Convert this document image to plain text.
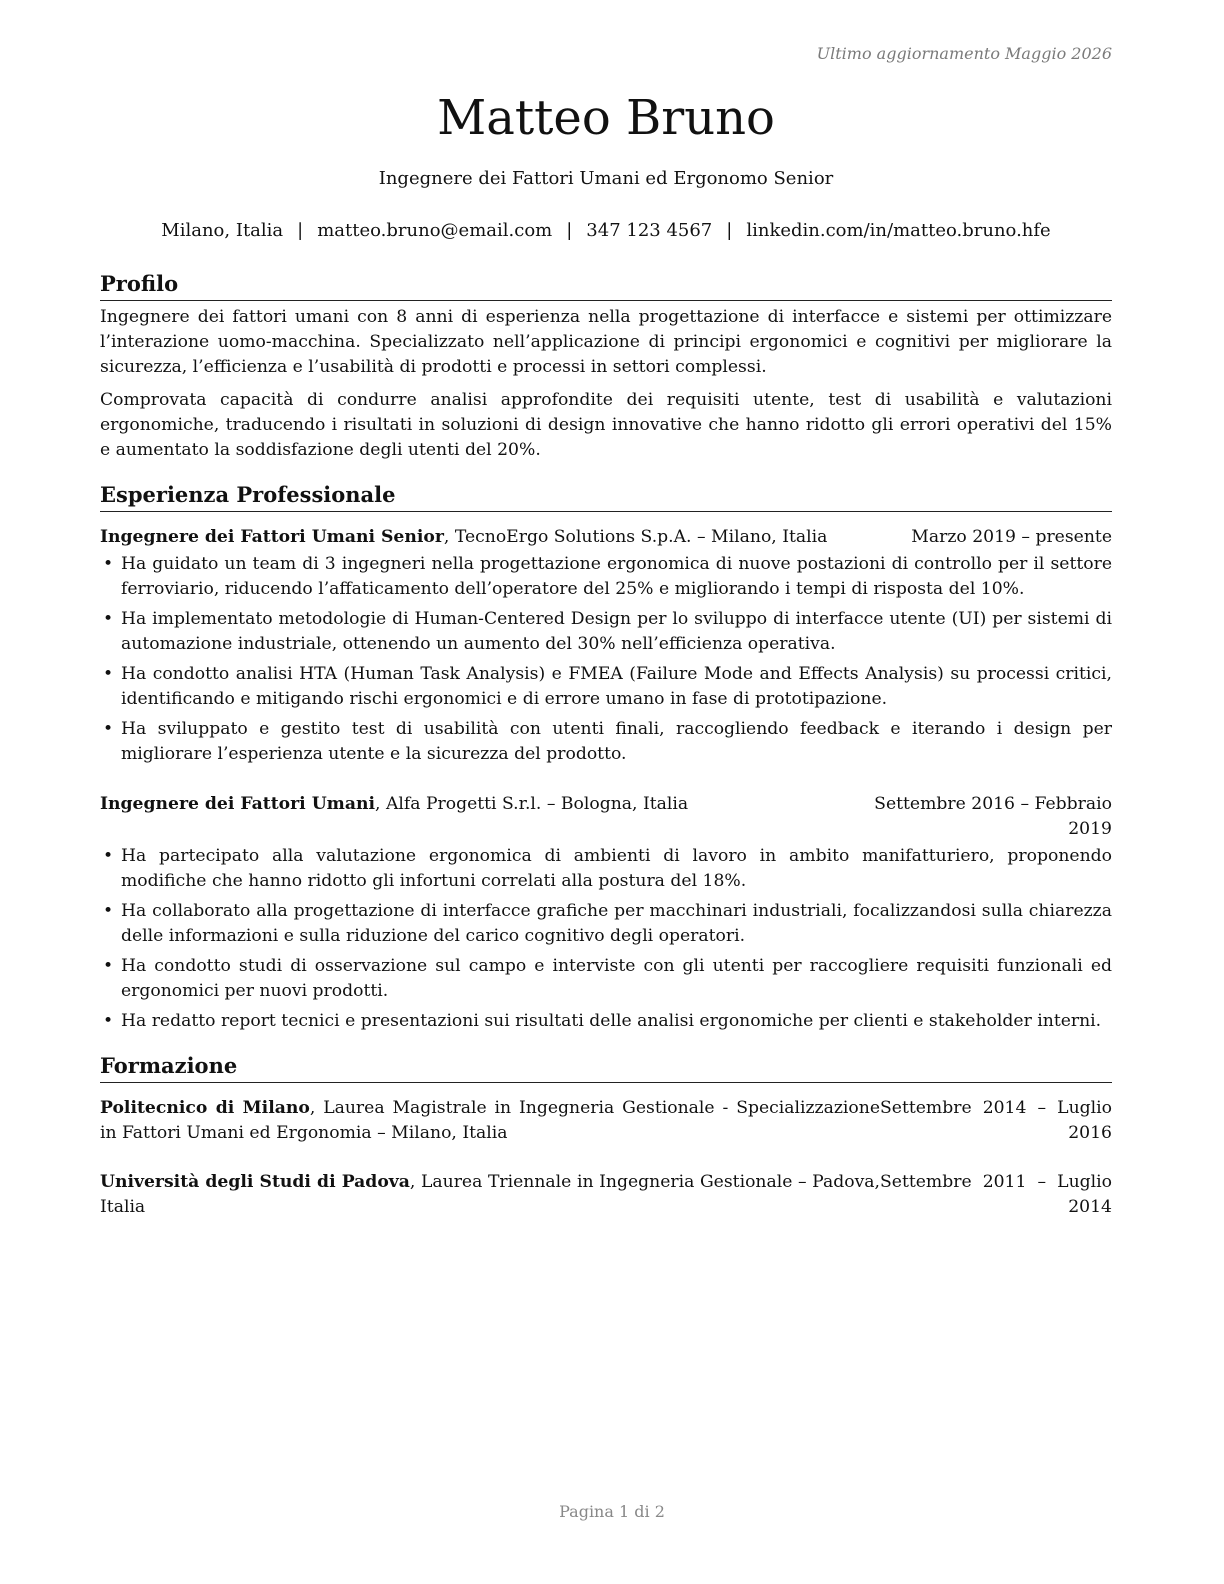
Ultimo aggiornamento Maggio 2026
Matteo Bruno
Ingegnere dei Fattori Umani ed Ergonomo Senior
Milano, Italia | matteo.bruno@email.com | 347 123 4567 | linkedin.com/in/matteo.bruno.hfe
Profilo

Ingegnere dei fattori umani con 8 anni di esperienza nella progettazione di interfacce e sistemi per ottimizzare l’interazione uomo-macchina. Specializzato nell’applicazione di principi ergonomici e cognitivi per migliorare la sicurezza, l’efficienza e l’usabilità di prodotti e processi in settori complessi.

Comprovata capacità di condurre analisi approfondite dei requisiti utente, test di usabilità e valutazioni ergonomiche, traducendo i risultati in soluzioni di design innovative che hanno ridotto gli errori operativi del 15% e aumentato la soddisfazione degli utenti del 20%.

Esperienza Professionale
Ingegnere dei Fattori Umani Senior, TecnoErgo Solutions S.p.A. – Milano, Italia	Marzo 2019 – presente
• Ha guidato un team di 3 ingegneri nella progettazione ergonomica di nuove postazioni di controllo per il settore ferroviario, riducendo l’affaticamento dell’operatore del 25% e migliorando i tempi di risposta del 10%.
• Ha implementato metodologie di Human-Centered Design per lo sviluppo di interfacce utente (UI) per sistemi di automazione industriale, ottenendo un aumento del 30% nell’efficienza operativa.
• Ha condotto analisi HTA (Human Task Analysis) e FMEA (Failure Mode and Effects Analysis) su processi critici, identificando e mitigando rischi ergonomici e di errore umano in fase di prototipazione.
• Ha sviluppato e gestito test di usabilità con utenti finali, raccogliendo feedback e iterando i design per migliorare l’esperienza utente e la sicurezza del prodotto.
Ingegnere dei Fattori Umani, Alfa Progetti S.r.l. – Bologna, Italia	Settembre 2016 – Febbraio 2019
• Ha partecipato alla valutazione ergonomica di ambienti di lavoro in ambito manifatturiero, proponendo modifiche che hanno ridotto gli infortuni correlati alla postura del 18%.
• Ha collaborato alla progettazione di interfacce grafiche per macchinari industriali, focalizzandosi sulla chiarezza delle informazioni e sulla riduzione del carico cognitivo degli operatori.
• Ha condotto studi di osservazione sul campo e interviste con gli utenti per raccogliere requisiti funzionali ed ergonomici per nuovi prodotti.
• Ha redatto report tecnici e presentazioni sui risultati delle analisi ergonomiche per clienti e stakeholder interni.
Formazione
Politecnico di Milano, Laurea Magistrale in Ingegneria Gestionale - Specializzazione in Fattori Umani ed Ergonomia – Milano, Italia
Settembre 2014 – Luglio
2016
Università degli Studi di Padova, Laurea Triennale in Ingegneria Gestionale – Padova, Italia
Settembre 2011 – Luglio
2014
Pagina 1 di 2
